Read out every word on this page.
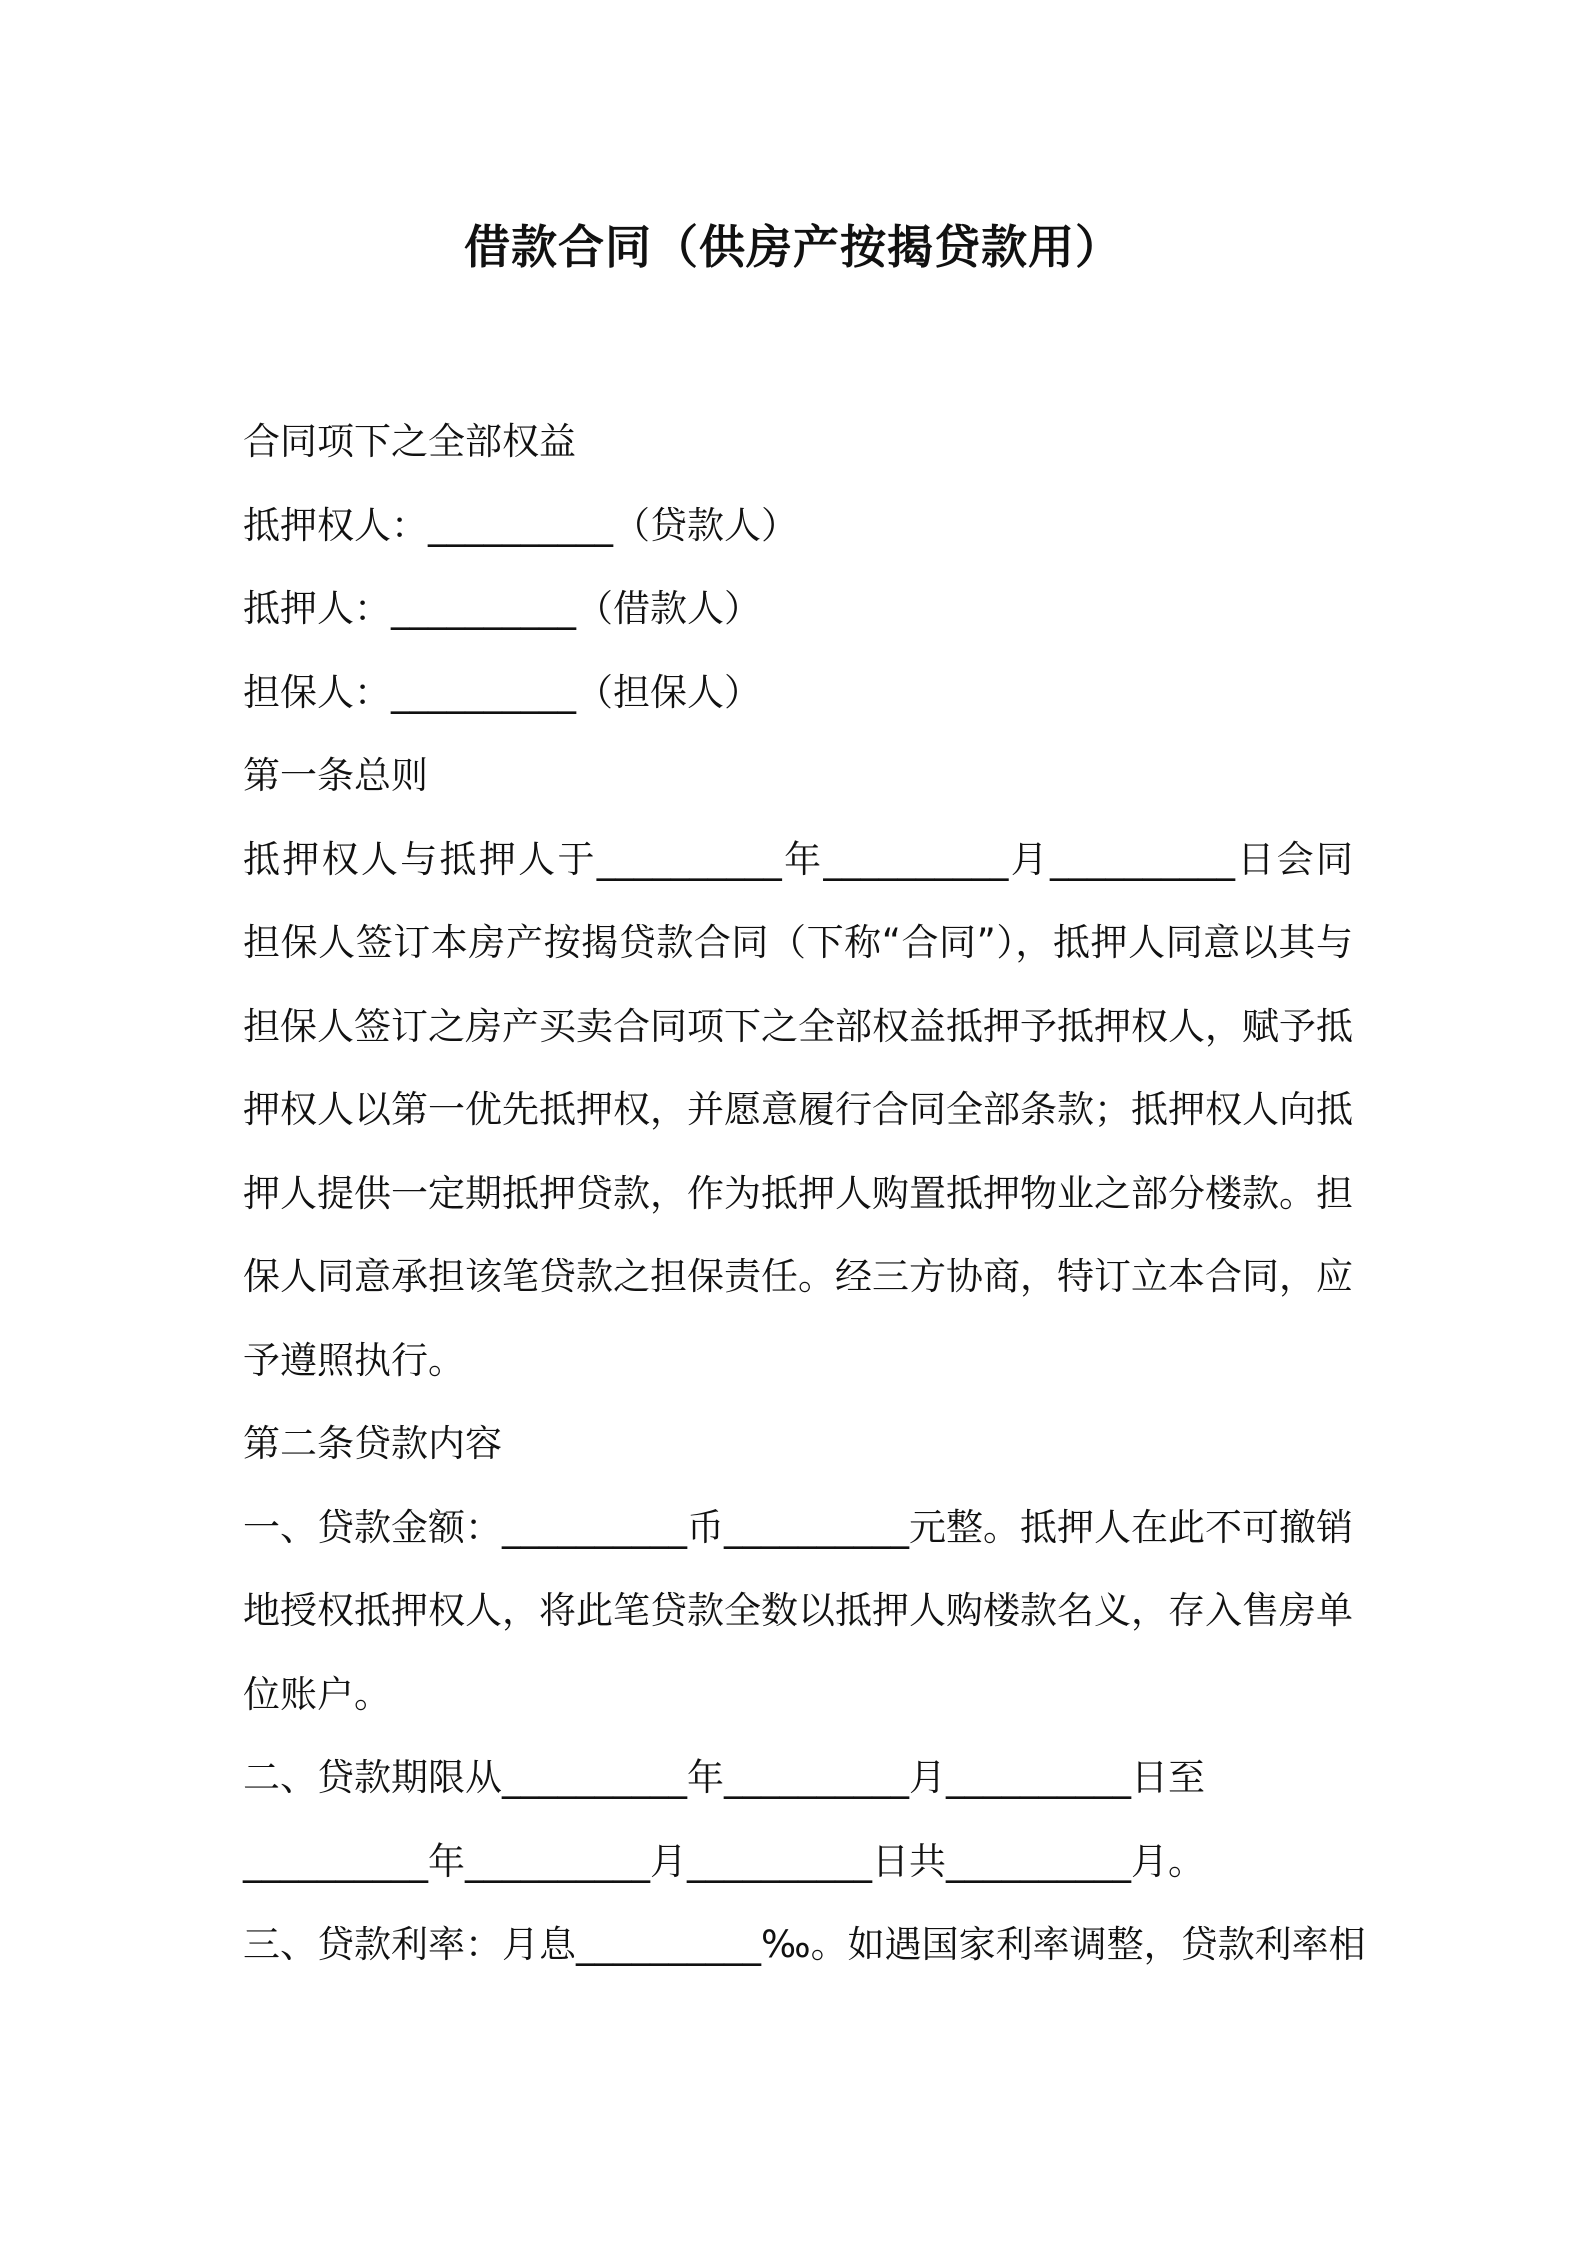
借款合同（供房产按揭贷款用）
合同项下之全部权益
抵押权人：__________（贷款人）
抵押人：__________（借款人）
担保人：__________（担保人）
第一条总则
抵押权人与抵押人于__________年__________月__________日会同
担保人签订本房产按揭贷款合同（下称“合同”），抵押人同意以其与
担保人签订之房产买卖合同项下之全部权益抵押予抵押权人，赋予抵
押权人以第一优先抵押权，并愿意履行合同全部条款；抵押权人向抵
押人提供一定期抵押贷款，作为抵押人购置抵押物业之部分楼款。担
保人同意承担该笔贷款之担保责任。经三方协商，特订立本合同，应
予遵照执行。
第二条贷款内容
一、贷款金额：__________币__________元整。抵押人在此不可撤销
地授权抵押权人，将此笔贷款全数以抵押人购楼款名义，存入售房单
位账户。
二、贷款期限从__________年__________月__________日至
__________年__________月__________日共__________月。
三、贷款利率：月息__________‰。如遇国家利率调整，贷款利率相
